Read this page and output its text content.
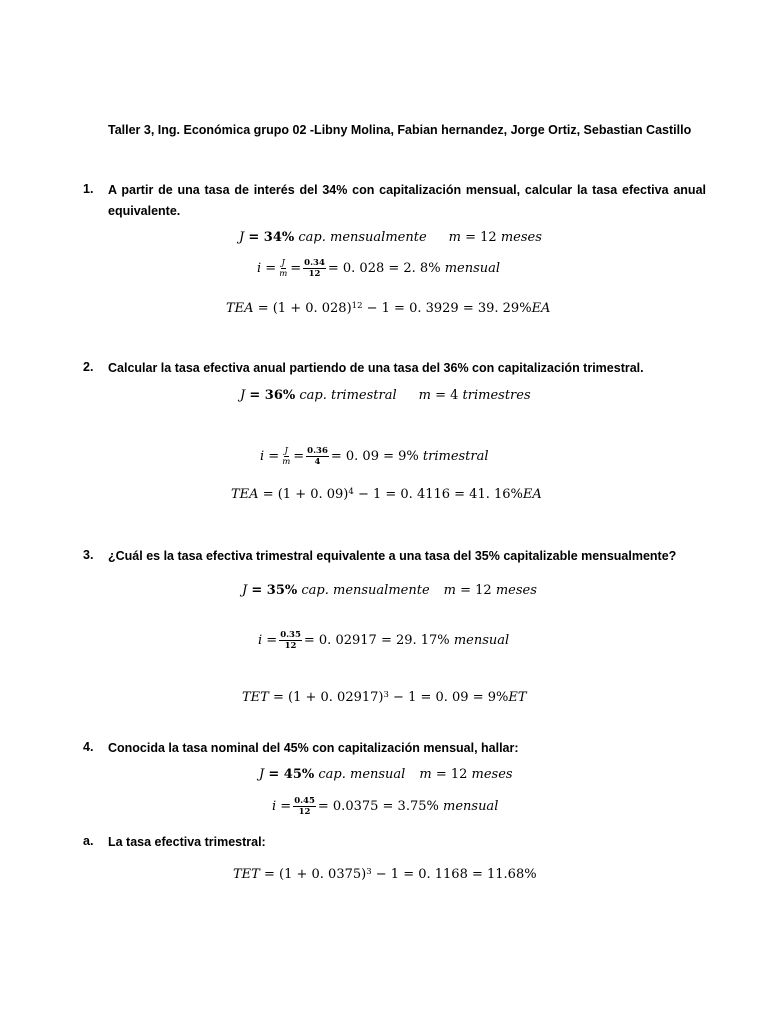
Taller 3, Ing. Económica grupo 02 -Libny Molina, Fabian hernandez, Jorge Ortiz, Sebastian Castillo
1. A partir de una tasa de interés del 34% con capitalización mensual, calcular la tasa efectiva anual equivalente.
J
= 34%
cap. mensualmente m
= 12
meses
$i = \frac{J}{m} = \frac{0.34}{12} = 0$. 028 = 2. 8%
mensual
TEA
= (1 + 0. 028)$^{12}$
− 1 = 0. 3929 = 39. 29% EA
2. Calcular la tasa efectiva anual partiendo de una tasa del 36% con capitalización trimestral.
J
= 36%
cap. trimestral m
= 4
trimestres
$i = \frac{J}{m} = \frac{0.36}{4} = 0$. 09 = 9%
trimestral
TEA
= (1 + 0. 09)$^4$
− 1 = 0. 4116 = 41. 16% EA
3. ¿Cuál es la tasa efectiva trimestral equivalente a una tasa del 35% capitalizable mensualmente?
J
= 35%
cap. mensualmente m
= 12
meses
$i = \frac{0.35}{12} = 0$. 02917 = 29. 17%
mensual
TET
= (1 + 0. 02917)$^3$
− 1 = 0. 09 = 9% ET
4. Conocida la tasa nominal del 45% con capitalización mensual, hallar:
J
= 45%
cap. mensual m
= 12
meses
$i = \frac{0.45}{12} = 0.0375 = 3.75\%$
mensual
a. La tasa efectiva trimestral:
TET
= (1 + 0. 0375)$^3$
− 1 = 0. 1168 = 11.68%
